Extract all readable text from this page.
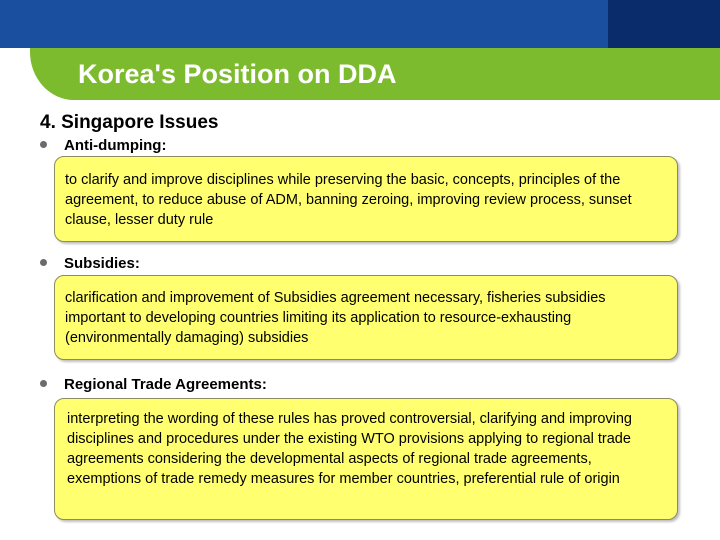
Korea's Position on DDA
4. Singapore Issues
Anti-dumping:

to clarify and improve disciplines while preserving the basic, concepts, principles of the agreement, to reduce abuse of ADM, banning zeroing, improving review process, sunset clause, lesser duty rule

Subsidies:

clarification and improvement of Subsidies agreement necessary, fisheries subsidies important to developing countries limiting its application to resource-exhausting (environmentally damaging) subsidies

Regional Trade Agreements:

interpreting the wording of these rules has proved controversial, clarifying and improving disciplines and procedures under the existing WTO provisions applying to regional trade agreements considering the developmental aspects of regional trade agreements, exemptions of trade remedy measures for member countries, preferential rule of origin
